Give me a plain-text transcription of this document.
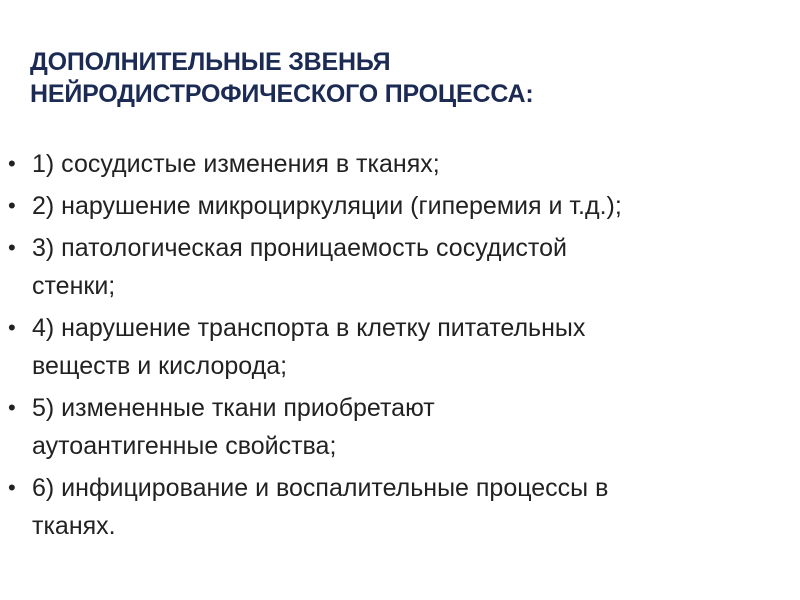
ДОПОЛНИТЕЛЬНЫЕ ЗВЕНЬЯ
НЕЙРОДИСТРОФИЧЕСКОГО ПРОЦЕССА:
• 1) сосудистые изменения в тканях;
• 2) нарушение микроциркуляции (гиперемия и т.д.);
• 3) патологическая проницаемость сосудистой
стенки;
• 4) нарушение транспорта в клетку питательных
веществ и кислорода;
• 5) измененные ткани приобретают
аутоантигенные свойства;
• 6) инфицирование и воспалительные процессы в
тканях.
